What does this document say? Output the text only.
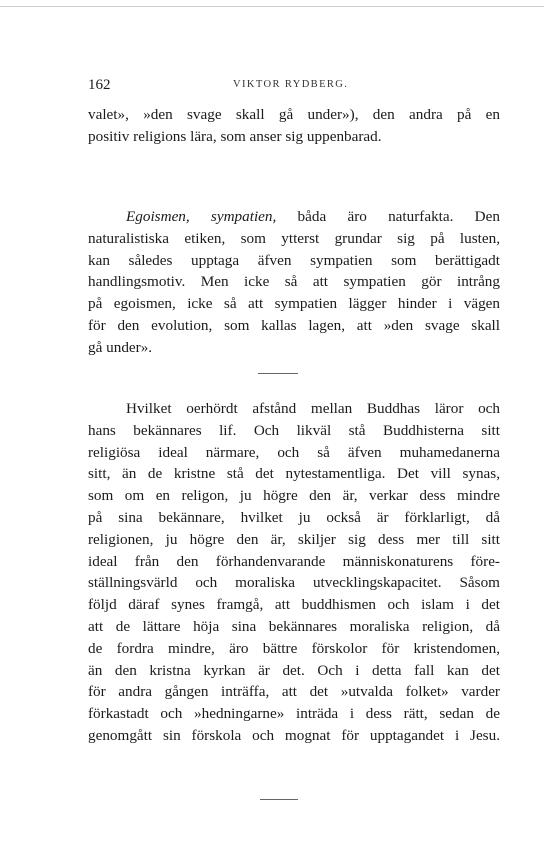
162	VIKTOR RYDBERG.
valet», »den svage skall gå under»), den andra på en
positiv religions lära, som anser sig uppenbarad.
Egoismen, sympatien, båda äro naturfakta. Den
naturalistiska etiken, som ytterst grundar sig på lusten,
kan således upptaga äfven sympatien som berättigadt
handlingsmotiv. Men icke så att sympatien gör intrång
på egoismen, icke så att sympatien lägger hinder i vägen
för den evolution, som kallas lagen, att »den svage skall
gå under».
Hvilket oerhördt afstånd mellan Buddhas läror och
hans bekännares lif. Och likväl stå Buddhisterna sitt
religiösa ideal närmare, och så äfven muhamedanerna
sitt, än de kristne stå det nytestamentliga. Det vill synas,
som om en religon, ju högre den är, verkar dess mindre
på sina bekännare, hvilket ju också är förklarligt, då
religionen, ju högre den är, skiljer sig dess mer till sitt
ideal från den förhandenvarande människonaturens före-
ställningsvärld och moraliska utvecklingskapacitet. Såsom
följd däraf synes framgå, att buddhismen och islam i det
att de lättare höja sina bekännares moraliska religion, då
de fordra mindre, äro bättre förskolor för kristendomen,
än den kristna kyrkan är det. Och i detta fall kan det
för andra gången inträffa, att det »utvalda folket» varder
förkastadt och »hedningarne» inträda i dess rätt, sedan de
genomgått sin förskola och mognat för upptagandet i Jesu.
